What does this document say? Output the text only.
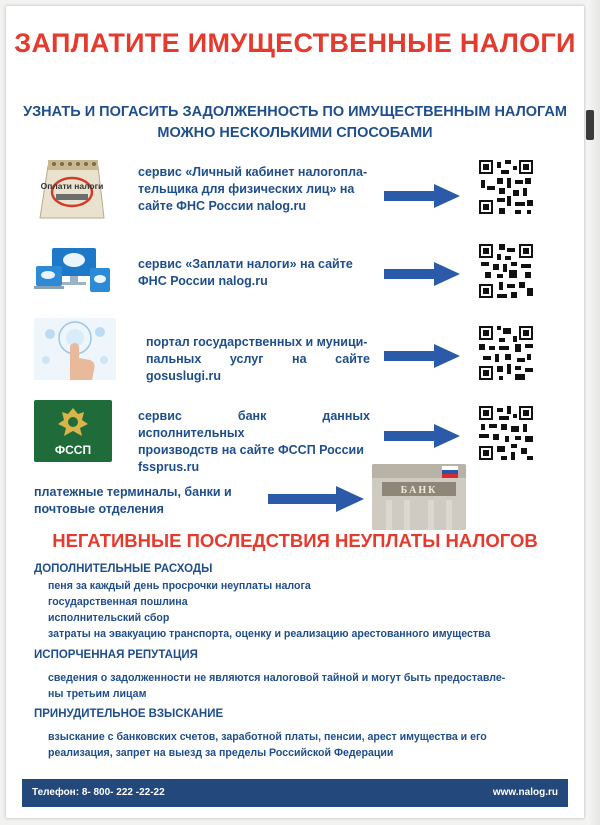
ЗАПЛАТИТЕ ИМУЩЕСТВЕННЫЕ НАЛОГИ
УЗНАТЬ И ПОГАСИТЬ ЗАДОЛЖЕННОСТЬ ПО ИМУЩЕСТВЕННЫМ НАЛОГАМ
МОЖНО НЕСКОЛЬКИМИ СПОСОБАМИ
Оплати налоги
сервис «Личный кабинет налогопла-
тельщика для физических лиц» на
сайте ФНС России nalog.ru
сервис «Заплати налоги» на сайте
ФНС России nalog.ru
портал государственных и муници-
пальных услуг на сайте gosuslugi.ru
ФССП
сервис банк данных исполнительных
производств на сайте ФССП России
fssprus.ru
платежные терминалы, банки и
почтовые отделения
БАНК
НЕГАТИВНЫЕ ПОСЛЕДСТВИЯ НЕУПЛАТЫ НАЛОГОВ
ДОПОЛНИТЕЛЬНЫЕ РАСХОДЫ
пеня за каждый день просрочки неуплаты налога
государственная пошлина
исполнительский сбор
затраты на эвакуацию транспорта, оценку и реализацию арестованного имущества
ИСПОРЧЕННАЯ РЕПУТАЦИЯ
сведения о задолженности не являются налоговой тайной и могут быть предоставле-
ны третьим лицам
ПРИНУДИТЕЛЬНОЕ ВЗЫСКАНИЕ
взыскание с банковских счетов, заработной платы, пенсии, арест имущества и его
реализация, запрет на выезд за пределы Российской Федерации
Телефон: 8- 800- 222 -22-22	www.nalog.ru
